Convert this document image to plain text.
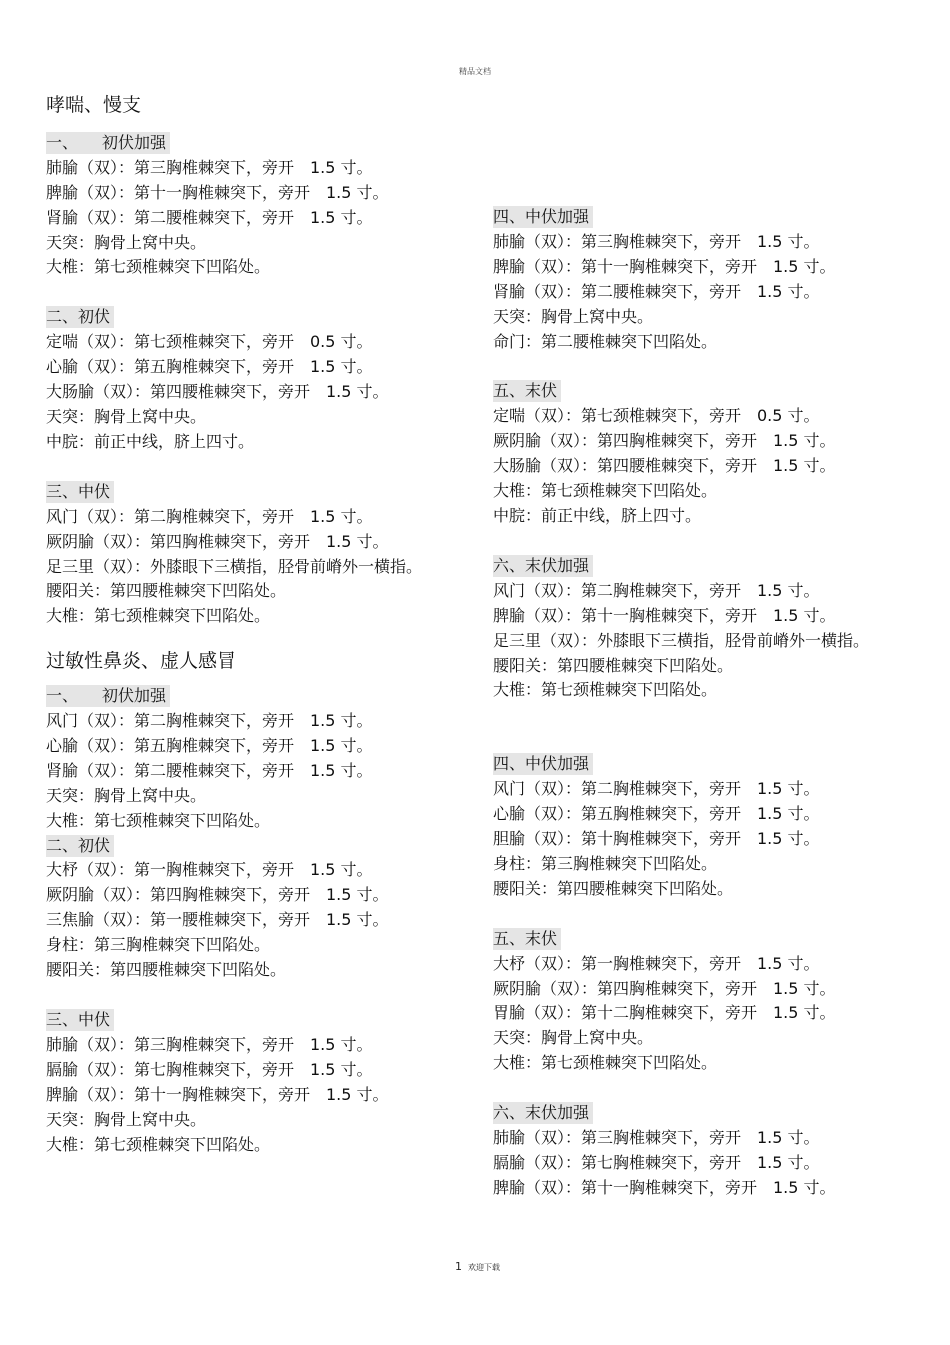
精品文档
哮喘、慢支
一、　　初伏加强
肺腧（双）：第三胸椎棘突下，旁开　1.5 寸。
脾腧（双）：第十一胸椎棘突下，旁开　1.5 寸。
肾腧（双）：第二腰椎棘突下，旁开　1.5 寸。
天突：胸骨上窝中央。
大椎：第七颈椎棘突下凹陷处。
二、初伏
定喘（双）：第七颈椎棘突下，旁开　0.5 寸。
心腧（双）：第五胸椎棘突下，旁开　1.5 寸。
大肠腧（双）：第四腰椎棘突下，旁开　1.5 寸。
天突：胸骨上窝中央。
中脘：前正中线，脐上四寸。
三、中伏
风门（双）：第二胸椎棘突下，旁开　1.5 寸。
厥阴腧（双）：第四胸椎棘突下，旁开　1.5 寸。
足三里（双）：外膝眼下三横指，胫骨前嵴外一横指。
腰阳关：第四腰椎棘突下凹陷处。
大椎：第七颈椎棘突下凹陷处。
过敏性鼻炎、虚人感冒
一、　　初伏加强
风门（双）：第二胸椎棘突下，旁开　1.5 寸。
心腧（双）：第五胸椎棘突下，旁开　1.5 寸。
肾腧（双）：第二腰椎棘突下，旁开　1.5 寸。
天突：胸骨上窝中央。
大椎：第七颈椎棘突下凹陷处。
二、初伏
大杼（双）：第一胸椎棘突下，旁开　1.5 寸。
厥阴腧（双）：第四胸椎棘突下，旁开　1.5 寸。
三焦腧（双）：第一腰椎棘突下，旁开　1.5 寸。
身柱：第三胸椎棘突下凹陷处。
腰阳关：第四腰椎棘突下凹陷处。
三、中伏
肺腧（双）：第三胸椎棘突下，旁开　1.5 寸。
膈腧（双）：第七胸椎棘突下，旁开　1.5 寸。
脾腧（双）：第十一胸椎棘突下，旁开　1.5 寸。
天突：胸骨上窝中央。
大椎：第七颈椎棘突下凹陷处。
四、中伏加强
肺腧（双）：第三胸椎棘突下，旁开　1.5 寸。
脾腧（双）：第十一胸椎棘突下，旁开　1.5 寸。
肾腧（双）：第二腰椎棘突下，旁开　1.5 寸。
天突：胸骨上窝中央。
命门：第二腰椎棘突下凹陷处。
五、末伏
定喘（双）：第七颈椎棘突下，旁开　0.5 寸。
厥阴腧（双）：第四胸椎棘突下，旁开　1.5 寸。
大肠腧（双）：第四腰椎棘突下，旁开　1.5 寸。
大椎：第七颈椎棘突下凹陷处。
中脘：前正中线，脐上四寸。
六、末伏加强
风门（双）：第二胸椎棘突下，旁开　1.5 寸。
脾腧（双）：第十一胸椎棘突下，旁开　1.5 寸。
足三里（双）：外膝眼下三横指，胫骨前嵴外一横指。
腰阳关：第四腰椎棘突下凹陷处。
大椎：第七颈椎棘突下凹陷处。
四、中伏加强
风门（双）：第二胸椎棘突下，旁开　1.5 寸。
心腧（双）：第五胸椎棘突下，旁开　1.5 寸。
胆腧（双）：第十胸椎棘突下，旁开　1.5 寸。
身柱：第三胸椎棘突下凹陷处。
腰阳关：第四腰椎棘突下凹陷处。
五、末伏
大杼（双）：第一胸椎棘突下，旁开　1.5 寸。
厥阴腧（双）：第四胸椎棘突下，旁开　1.5 寸。
胃腧（双）：第十二胸椎棘突下，旁开　1.5 寸。
天突：胸骨上窝中央。
大椎：第七颈椎棘突下凹陷处。
六、末伏加强
肺腧（双）：第三胸椎棘突下，旁开　1.5 寸。
膈腧（双）：第七胸椎棘突下，旁开　1.5 寸。
脾腧（双）：第十一胸椎棘突下，旁开　1.5 寸。
1 欢迎下载
